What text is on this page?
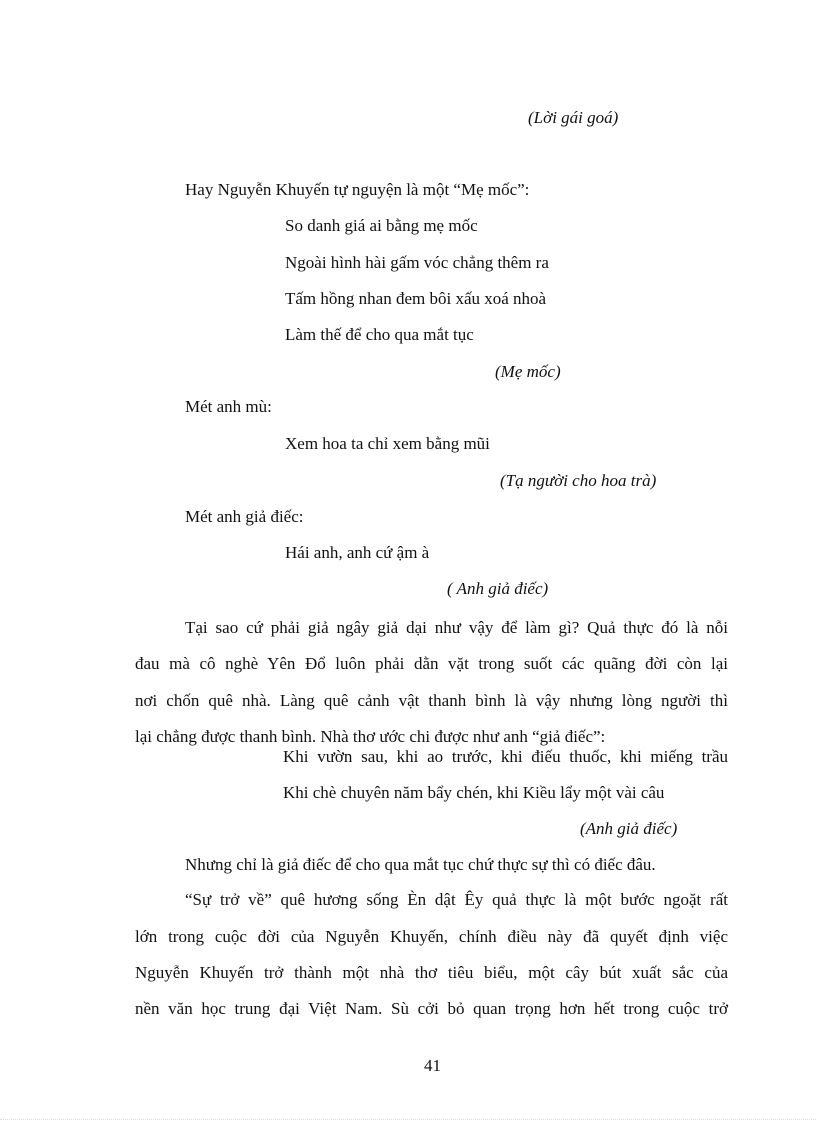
(Lời gái goá)
Hay Nguyễn Khuyến tự nguyện là một “Mẹ mốc”:
So danh giá ai bằng mẹ mốc
Ngoài hình hài gấm vóc chẳng thêm ra
Tấm hồng nhan đem bôi xấu xoá nhoà
Làm thế để cho qua mắt tục
(Mẹ mốc)
Mét anh mù:
Xem hoa ta chỉ xem bằng mũi
(Tạ người cho hoa trà)
Mét anh giả điếc:
Hái anh, anh cứ ậm à
( Anh giả điếc)
Tại sao cứ phải giả ngây giả dại như vậy để làm gì? Quả thực đó là nỗi
đau mà cô nghè Yên Đổ luôn phải dằn vặt trong suốt các quãng đời còn lại
nơi chốn quê nhà. Làng quê cảnh vật thanh bình là vậy nhưng lòng người thì
lại chẳng được thanh bình. Nhà thơ ước chi được như anh “giả điếc”:
Khi vườn sau, khi ao trước, khi điếu thuốc, khi miếng trầu
Khi chè chuyên năm bẩy chén, khi Kiều lẩy một vài câu
(Anh giả điếc)
Nhưng chỉ là giả điếc để cho qua mắt tục chứ thực sự thì có điếc đâu.
“Sự trở về” quê hương sống Èn dật Êy quả thực là một bước ngoặt rất
lớn trong cuộc đời của Nguyễn Khuyến, chính điều này đã quyết định việc
Nguyễn Khuyến trở thành một nhà thơ tiêu biểu, một cây bút xuất sắc của
nền văn học trung đại Việt Nam. Sù cởi bỏ quan trọng hơn hết trong cuộc trở
41
